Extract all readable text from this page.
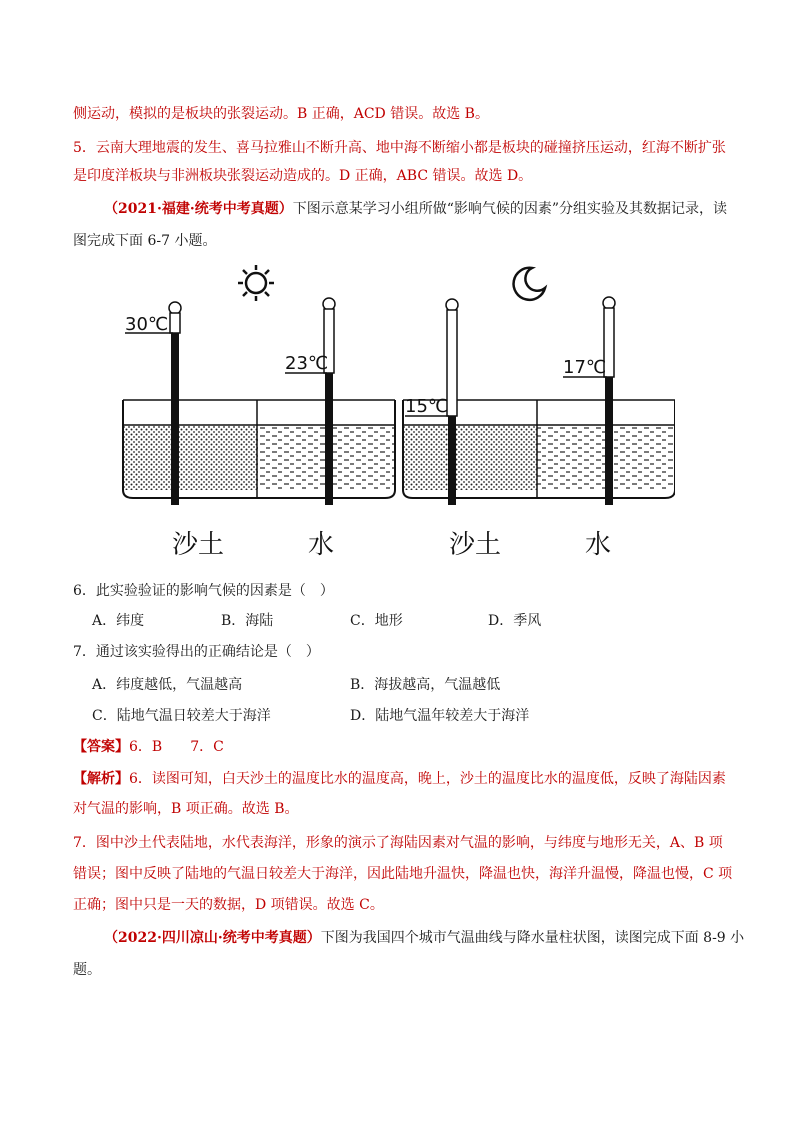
侧运动，模拟的是板块的张裂运动。B 正确，ACD 错误。故选 B。
5．云南大理地震的发生、喜马拉雅山不断升高、地中海不断缩小都是板块的碰撞挤压运动，红海不断扩张
是印度洋板块与非洲板块张裂运动造成的。D 正确，ABC 错误。故选 D。
（2021·福建·统考中考真题）下图示意某学习小组所做“影响气候的因素”分组实验及其数据记录，读
图完成下面 6-7 小题。
30℃
23℃
15℃
17℃
沙土	水	沙土	水
6．此实验验证的影响气候的因素是（　）
A．纬度	B．海陆	C．地形	D．季风
7．通过该实验得出的正确结论是（　）
A．纬度越低，气温越高	B．海拔越高，气温越低
C．陆地气温日较差大于海洋	D．陆地气温年较差大于海洋
【答案】6．B　　7．C
【解析】6．读图可知，白天沙土的温度比水的温度高，晚上，沙土的温度比水的温度低，反映了海陆因素
对气温的影响，B 项正确。故选 B。
7．图中沙土代表陆地，水代表海洋，形象的演示了海陆因素对气温的影响，与纬度与地形无关，A、B 项
错误；图中反映了陆地的气温日较差大于海洋，因此陆地升温快，降温也快，海洋升温慢，降温也慢，C 项
正确；图中只是一天的数据，D 项错误。故选 C。
（2022·四川凉山·统考中考真题）下图为我国四个城市气温曲线与降水量柱状图，读图完成下面 8-9 小
题。
